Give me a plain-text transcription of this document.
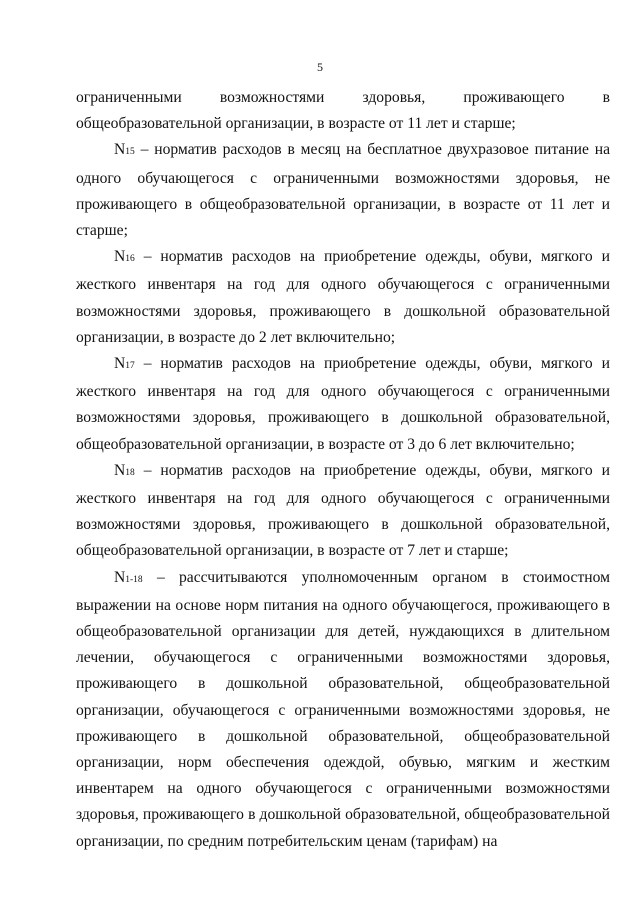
5

ограниченными возможностями здоровья, проживающего в общеобразовательной организации, в возрасте от 11 лет и старше;

N15 – норматив расходов в месяц на бесплатное двухразовое питание на одного обучающегося с ограниченными возможностями здоровья, не проживающего в общеобразовательной организации, в возрасте от 11 лет и старше;

N16 – норматив расходов на приобретение одежды, обуви, мягкого и жесткого инвентаря на год для одного обучающегося с ограниченными возможностями здоровья, проживающего в дошкольной образовательной организации, в возрасте до 2 лет включительно;

N17 – норматив расходов на приобретение одежды, обуви, мягкого и жесткого инвентаря на год для одного обучающегося с ограниченными возможностями здоровья, проживающего в дошкольной образовательной, общеобразовательной организации, в возрасте от 3 до 6 лет включительно;

N18 – норматив расходов на приобретение одежды, обуви, мягкого и жесткого инвентаря на год для одного обучающегося с ограниченными возможностями здоровья, проживающего в дошкольной образовательной, общеобразовательной организации, в возрасте от 7 лет и старше;

N1-18 – рассчитываются уполномоченным органом в стоимостном выражении на основе норм питания на одного обучающегося, проживающего в общеобразовательной организации для детей, нуждающихся в длительном лечении, обучающегося с ограниченными возможностями здоровья, проживающего в дошкольной образовательной, общеобразовательной организации, обучающегося с ограниченными возможностями здоровья, не проживающего в дошкольной образовательной, общеобразовательной организации, норм обеспечения одеждой, обувью, мягким и жестким инвентарем на одного обучающегося с ограниченными возможностями здоровья, проживающего в дошкольной образовательной, общеобразовательной организации, по средним потребительским ценам (тарифам) на
